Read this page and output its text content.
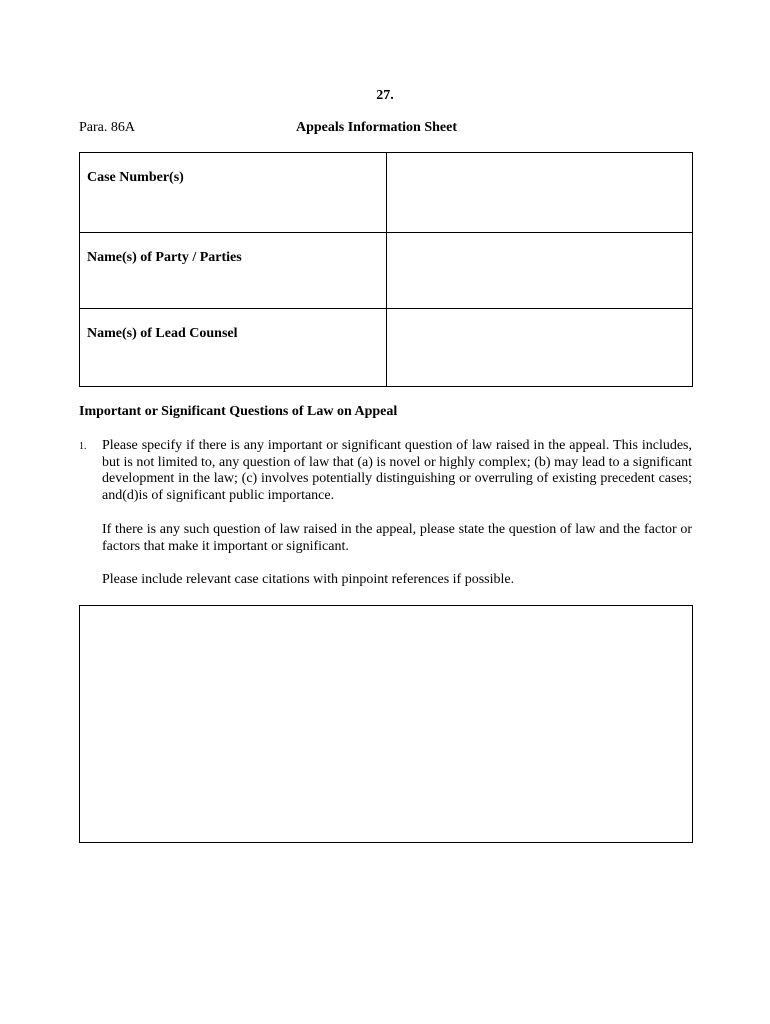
27.
Para. 86A	Appeals Information Sheet
Case Number(s)	

Name(s) of Party / Parties	

Name(s) of Lead Counsel	

Important or Significant Questions of Law on Appeal
1. Please specify if there is any important or significant question of law raised in the appeal. This includes, but is not limited to, any question of law that (a) is novel or highly complex; (b) may lead to a significant development in the law; (c) involves potentially distinguishing or overruling of existing precedent cases; and(d)is of significant public importance.

If there is any such question of law raised in the appeal, please state the question of law and the factor or factors that make it important or significant.

Please include relevant case citations with pinpoint references if possible.
